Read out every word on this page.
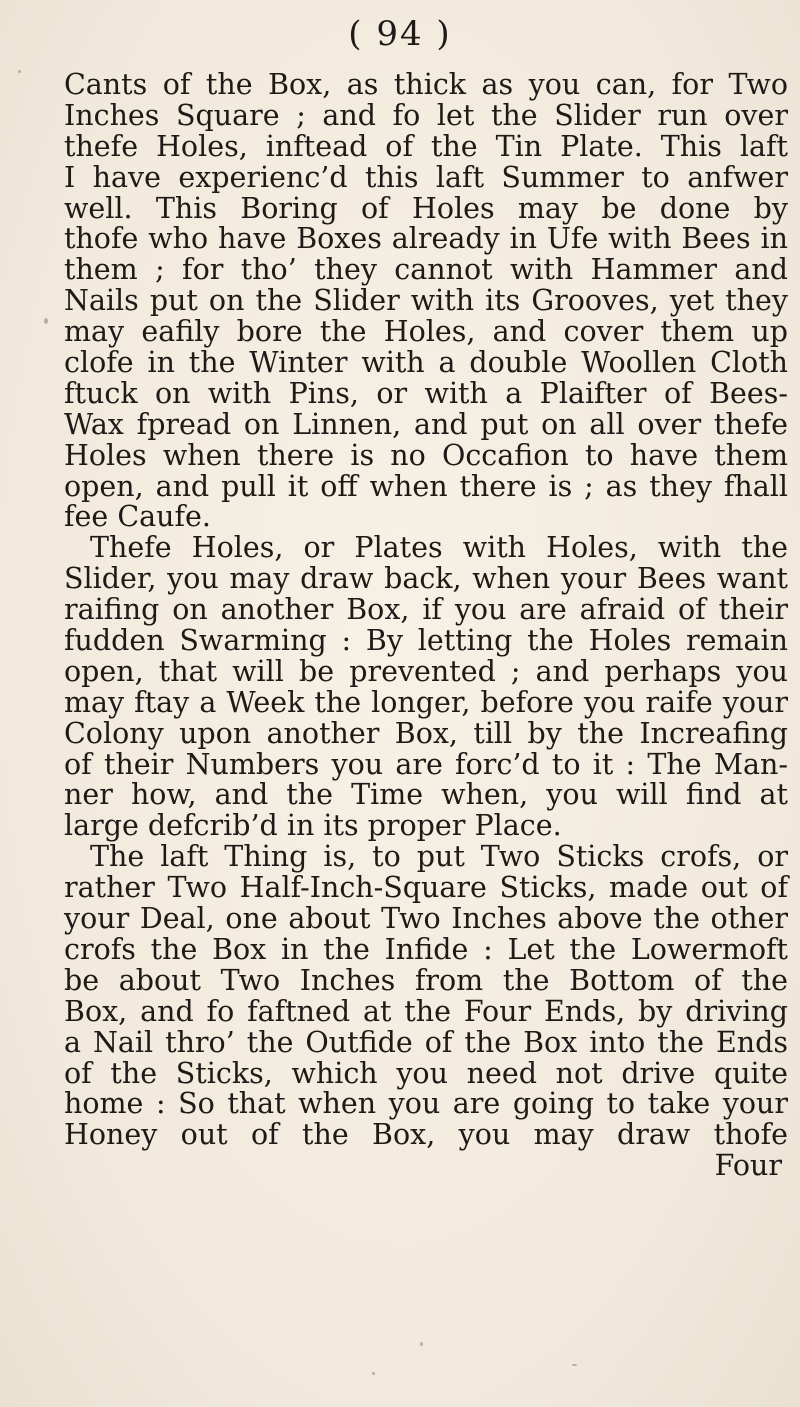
( 94 )
Cants of the Box, as thick as you can, for Two
Inches Square ; and fo let the Slider run over
thefe Holes, inftead of the Tin Plate. This laft
I have experienc’d this laft Summer to anfwer
well. This Boring of Holes may be done by
thofe who have Boxes already in Ufe with Bees in
them ; for tho’ they cannot with Hammer and
Nails put on the Slider with its Grooves, yet they
may eafily bore the Holes, and cover them up
clofe in the Winter with a double Woollen Cloth
ftuck on with Pins, or with a Plaifter of Bees-
Wax fpread on Linnen, and put on all over thefe
Holes when there is no Occafion to have them
open, and pull it off when there is ; as they fhall
fee Caufe.
Thefe Holes, or Plates with Holes, with the
Slider, you may draw back, when your Bees want
raifing on another Box, if you are afraid of their
fudden Swarming : By letting the Holes remain
open, that will be prevented ; and perhaps you
may ftay a Week the longer, before you raife your
Colony upon another Box, till by the Increafing
of their Numbers you are forc’d to it : The Man-
ner how, and the Time when, you will find at
large defcrib’d in its proper Place.
The laft Thing is, to put Two Sticks crofs, or
rather Two Half-Inch-Square Sticks, made out of
your Deal, one about Two Inches above the other
crofs the Box in the Infide : Let the Lowermoft
be about Two Inches from the Bottom of the
Box, and fo faftned at the Four Ends, by driving
a Nail thro’ the Outfide of the Box into the Ends
of the Sticks, which you need not drive quite
home : So that when you are going to take your
Honey out of the Box, you may draw thofe
Four
